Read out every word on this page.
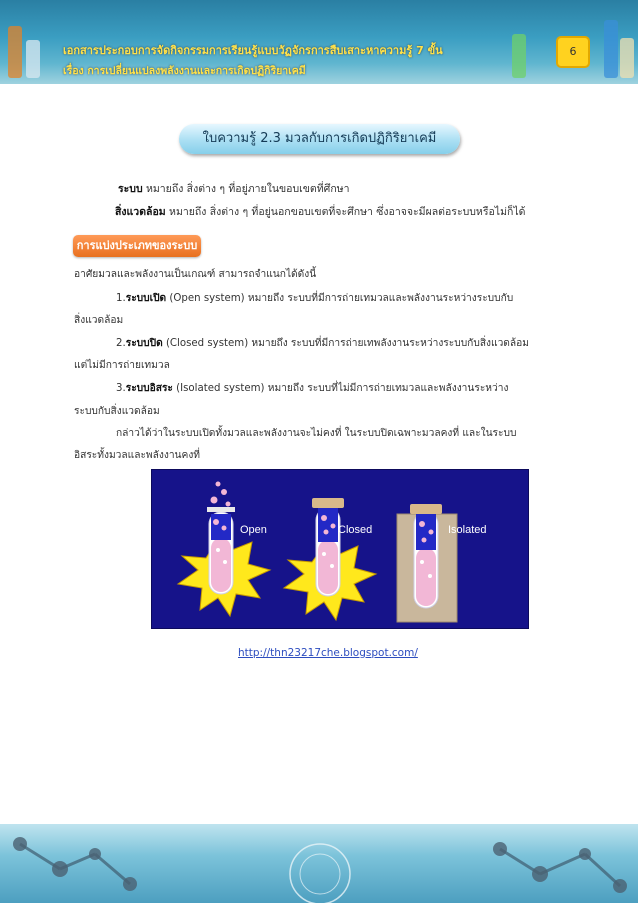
เอกสารประกอบการจัดกิจกรรมการเรียนรู้แบบวัฏจักรการสืบเสาะหาความรู้ 7 ขั้น
เรื่อง การเปลี่ยนแปลงพลังงานและการเกิดปฏิกิริยาเคมี
6
ใบความรู้ 2.3 มวลกับการเกิดปฏิกิริยาเคมี
ระบบ หมายถึง สิ่งต่าง ๆ ที่อยู่ภายในขอบเขตที่ศึกษา
สิ่งแวดล้อม หมายถึง สิ่งต่าง ๆ ที่อยู่นอกขอบเขตที่จะศึกษา ซึ่งอาจจะมีผลต่อระบบหรือไม่ก็ได้
การแบ่งประเภทของระบบ
อาศัยมวลและพลังงานเป็นเกณฑ์ สามารถจำแนกได้ดังนี้
1.ระบบเปิด (Open system) หมายถึง ระบบที่มีการถ่ายเทมวลและพลังงานระหว่างระบบกับ
สิ่งแวดล้อม
2.ระบบปิด (Closed system) หมายถึง ระบบที่มีการถ่ายเทพลังงานระหว่างระบบกับสิ่งแวดล้อม
แต่ไม่มีการถ่ายเทมวล
3.ระบบอิสระ (Isolated system) หมายถึง ระบบที่ไม่มีการถ่ายเทมวลและพลังงานระหว่าง
ระบบกับสิ่งแวดล้อม
กล่าวได้ว่าในระบบเปิดทั้งมวลและพลังงานจะไม่คงที่ ในระบบปิดเฉพาะมวลคงที่ และในระบบ
อิสระทั้งมวลและพลังงานคงที่
Open	Closed	Isolated
http://thn23217che.blogspot.com/
